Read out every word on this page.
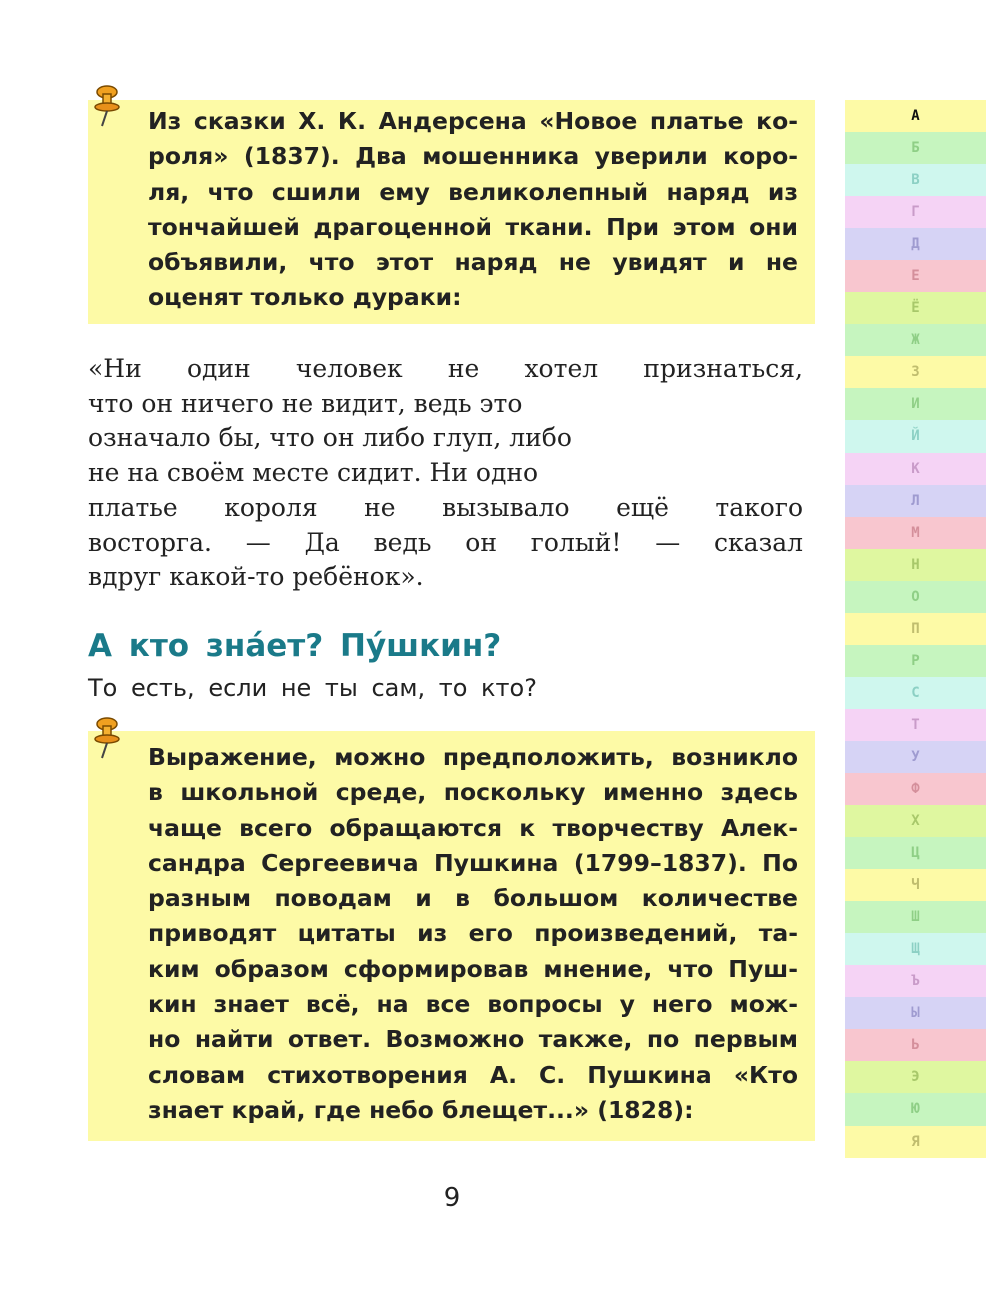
Из сказки Х. К. Андерсена «Новое платье ко-
роля» (1837). Два мошенника уверили коро-
ля, что сшили ему великолепный наряд из
тончайшей драгоценной ткани. При этом они
объявили, что этот наряд не увидят и не
оценят только дураки:
«Ни один человек не хотел признаться,
что он ничего не видит, ведь это
означало бы, что он либо глуп, либо
не на своём месте сидит. Ни одно
платье короля не вызывало ещё такого
восторга. — Да ведь он голый! — сказал
вдруг какой-то ребёнок».
А кто зна́ет? Пу́шкин?
То есть, если не ты сам, то кто?
Выражение, можно предположить, возникло
в школьной среде, поскольку именно здесь
чаще всего обращаются к творчеству Алек-
сандра Сергеевича Пушкина (1799–1837). По
разным поводам и в большом количестве
приводят цитаты из его произведений, та-
ким образом сформировав мнение, что Пуш-
кин знает всё, на все вопросы у него мож-
но найти ответ. Возможно также, по первым
словам стихотворения А. С. Пушкина «Кто
знает край, где небо блещет...» (1828):
9
А
Б
В
Г
Д
Е
Ё
Ж
З
И
Й
К
Л
М
Н
О
П
Р
С
Т
У
Ф
Х
Ц
Ч
Ш
Щ
Ъ
Ы
Ь
Э
Ю
Я
